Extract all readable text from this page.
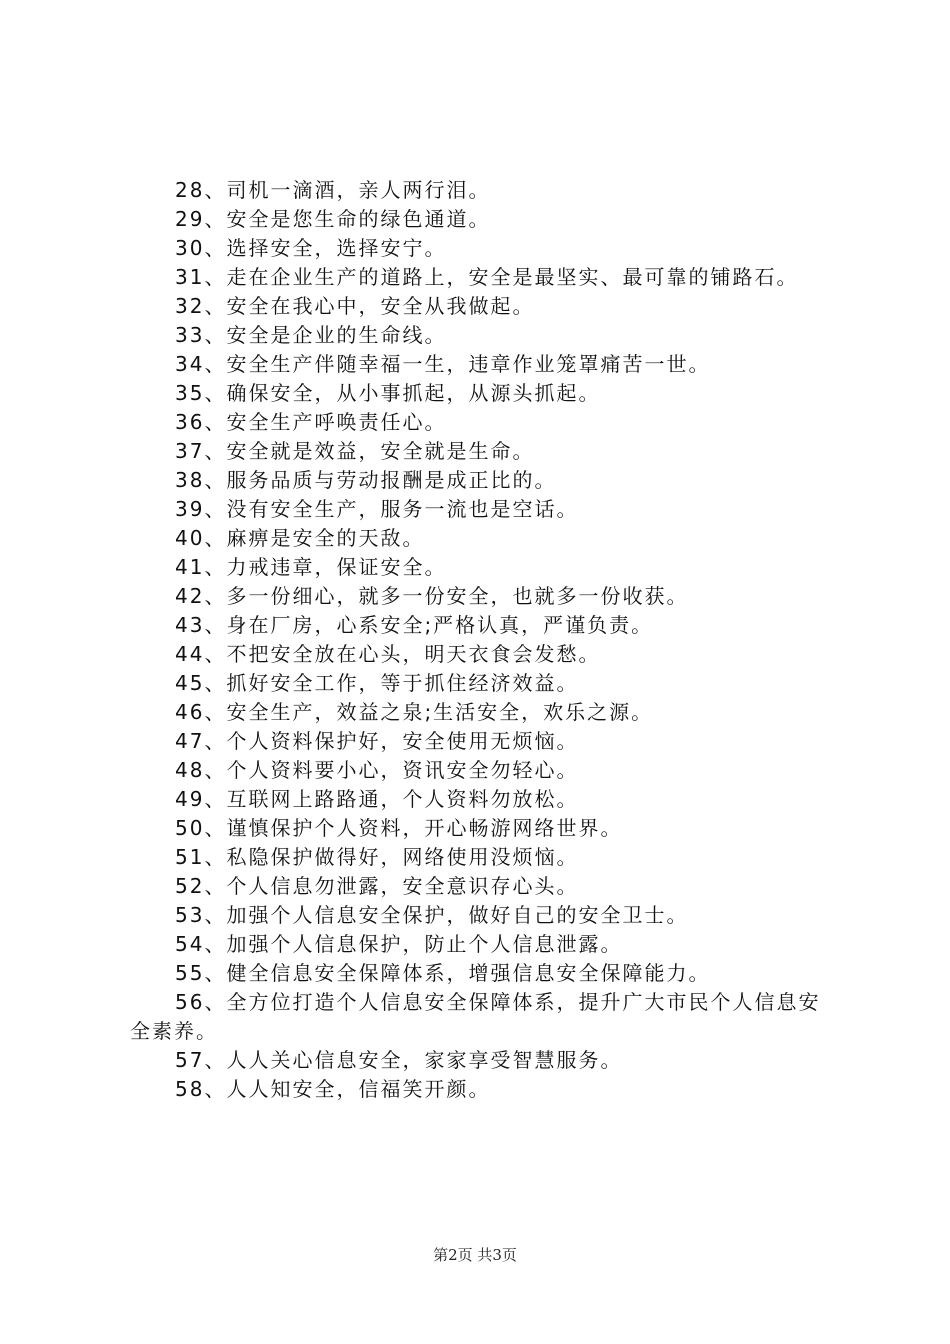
28、司机一滴酒，亲人两行泪。

29、安全是您生命的绿色通道。

30、选择安全，选择安宁。

31、走在企业生产的道路上，安全是最坚实、最可靠的铺路石。

32、安全在我心中，安全从我做起。

33、安全是企业的生命线。

34、安全生产伴随幸福一生，违章作业笼罩痛苦一世。

35、确保安全，从小事抓起，从源头抓起。

36、安全生产呼唤责任心。

37、安全就是效益，安全就是生命。

38、服务品质与劳动报酬是成正比的。

39、没有安全生产，服务一流也是空话。

40、麻痹是安全的天敌。

41、力戒违章，保证安全。

42、多一份细心，就多一份安全，也就多一份收获。

43、身在厂房，心系安全;严格认真，严谨负责。

44、不把安全放在心头，明天衣食会发愁。

45、抓好安全工作，等于抓住经济效益。

46、安全生产，效益之泉;生活安全，欢乐之源。

47、个人资料保护好，安全使用无烦恼。

48、个人资料要小心，资讯安全勿轻心。

49、互联网上路路通，个人资料勿放松。

50、谨慎保护个人资料，开心畅游网络世界。

51、私隐保护做得好，网络使用没烦恼。

52、个人信息勿泄露，安全意识存心头。

53、加强个人信息安全保护，做好自己的安全卫士。

54、加强个人信息保护，防止个人信息泄露。

55、健全信息安全保障体系，增强信息安全保障能力。

56、全方位打造个人信息安全保障体系，提升广大市民个人信息安全素养。

57、人人关心信息安全，家家享受智慧服务。

58、人人知安全，信福笑开颜。

第2页 共3页
